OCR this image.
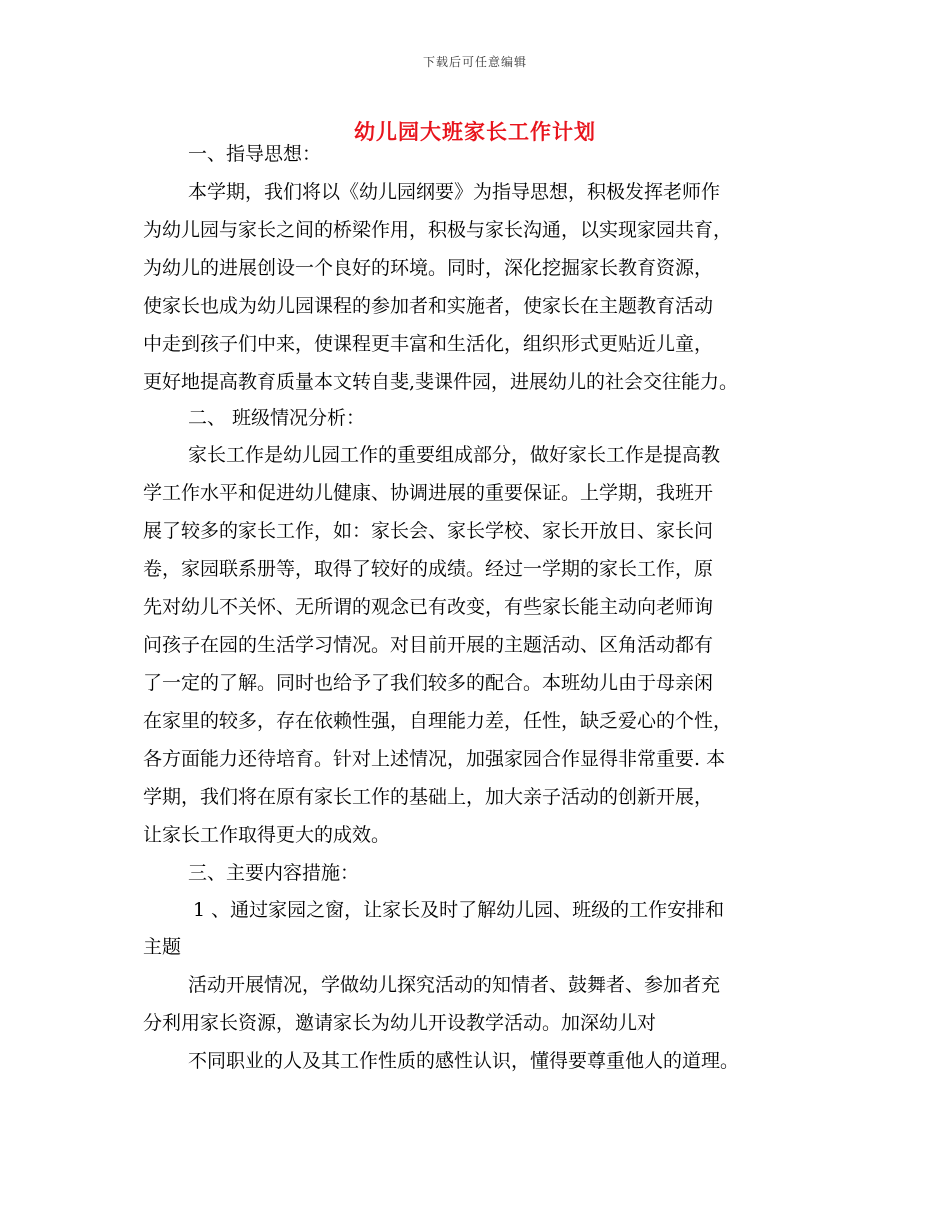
下载后可任意编辑
幼儿园大班家长工作计划
一、指导思想：
本学期，我们将以《幼儿园纲要》为指导思想，积极发挥老师作
为幼儿园与家长之间的桥梁作用，积极与家长沟通，以实现家园共育，
为幼儿的进展创设一个良好的环境。同时，深化挖掘家长教育资源，
使家长也成为幼儿园课程的参加者和实施者，使家长在主题教育活动
中走到孩子们中来，使课程更丰富和生活化，组织形式更贴近儿童，
更好地提高教育质量本文转自斐,斐课件园，进展幼儿的社会交往能力。
二、 班级情况分析：
家长工作是幼儿园工作的重要组成部分，做好家长工作是提高教
学工作水平和促进幼儿健康、协调进展的重要保证。上学期，我班开
展了较多的家长工作，如：家长会、家长学校、家长开放日、家长问
卷，家园联系册等，取得了较好的成绩。经过一学期的家长工作，原
先对幼儿不关怀、无所谓的观念已有改变，有些家长能主动向老师询
问孩子在园的生活学习情况。对目前开展的主题活动、区角活动都有
了一定的了解。同时也给予了我们较多的配合。本班幼儿由于母亲闲
在家里的较多，存在依赖性强，自理能力差，任性，缺乏爱心的个性，
各方面能力还待培育。针对上述情况，加强家园合作显得非常重要. 本
学期，我们将在原有家长工作的基础上，加大亲子活动的创新开展，
让家长工作取得更大的成效。
三、主要内容措施：
1 、通过家园之窗，让家长及时了解幼儿园、班级的工作安排和
主题
活动开展情况，学做幼儿探究活动的知情者、鼓舞者、参加者充
分利用家长资源，邀请家长为幼儿开设教学活动。加深幼儿对
不同职业的人及其工作性质的感性认识，懂得要尊重他人的道理。
